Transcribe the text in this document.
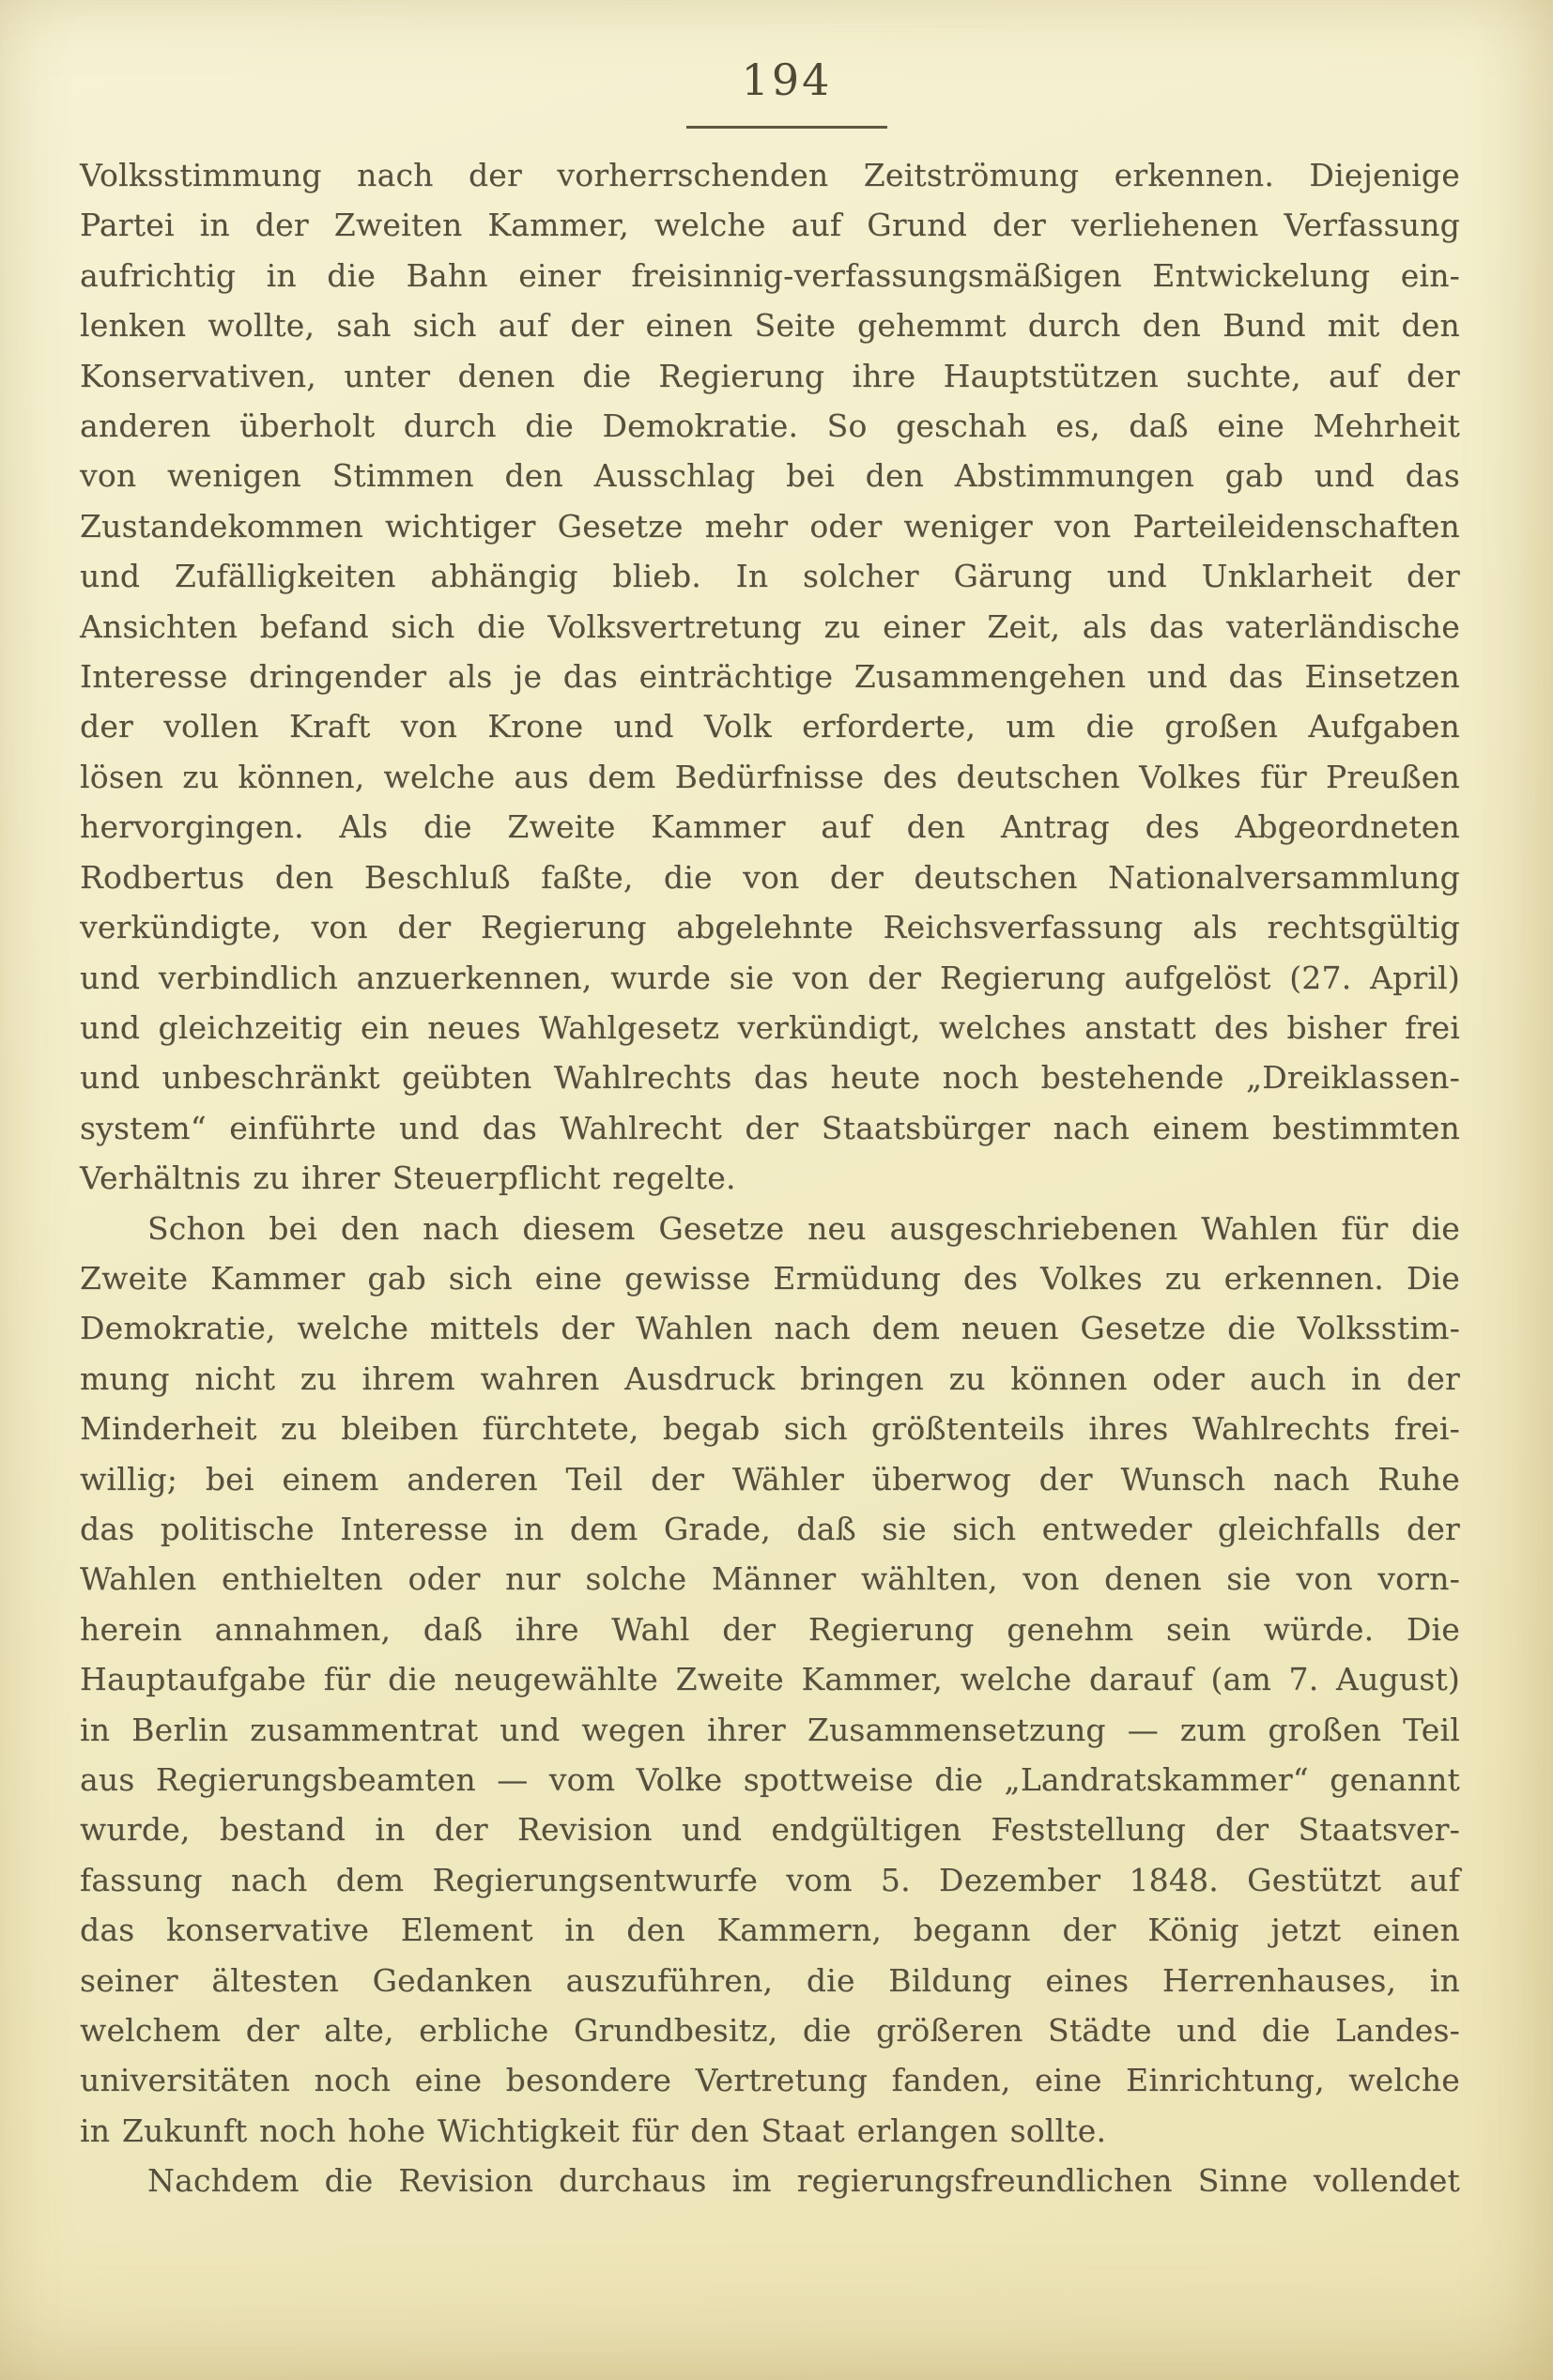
194
Volksstimmung nach der vorherrschenden Zeitströmung erkennen. Diejenige
Partei in der Zweiten Kammer, welche auf Grund der verliehenen Verfassung
aufrichtig in die Bahn einer freisinnig-verfassungsmäßigen Entwickelung ein-
lenken wollte, sah sich auf der einen Seite gehemmt durch den Bund mit den
Konservativen, unter denen die Regierung ihre Hauptstützen suchte, auf der
anderen überholt durch die Demokratie. So geschah es, daß eine Mehrheit
von wenigen Stimmen den Ausschlag bei den Abstimmungen gab und das
Zustandekommen wichtiger Gesetze mehr oder weniger von Parteileidenschaften
und Zufälligkeiten abhängig blieb. In solcher Gärung und Unklarheit der
Ansichten befand sich die Volksvertretung zu einer Zeit, als das vaterländische
Interesse dringender als je das einträchtige Zusammengehen und das Einsetzen
der vollen Kraft von Krone und Volk erforderte, um die großen Aufgaben
lösen zu können, welche aus dem Bedürfnisse des deutschen Volkes für Preußen
hervorgingen. Als die Zweite Kammer auf den Antrag des Abgeordneten
Rodbertus den Beschluß faßte, die von der deutschen Nationalversammlung
verkündigte, von der Regierung abgelehnte Reichsverfassung als rechtsgültig
und verbindlich anzuerkennen, wurde sie von der Regierung aufgelöst (27. April)
und gleichzeitig ein neues Wahlgesetz verkündigt, welches anstatt des bisher frei
und unbeschränkt geübten Wahlrechts das heute noch bestehende „Dreiklassen-
system“ einführte und das Wahlrecht der Staatsbürger nach einem bestimmten
Verhältnis zu ihrer Steuerpflicht regelte.
Schon bei den nach diesem Gesetze neu ausgeschriebenen Wahlen für die
Zweite Kammer gab sich eine gewisse Ermüdung des Volkes zu erkennen. Die
Demokratie, welche mittels der Wahlen nach dem neuen Gesetze die Volksstim-
mung nicht zu ihrem wahren Ausdruck bringen zu können oder auch in der
Minderheit zu bleiben fürchtete, begab sich größtenteils ihres Wahlrechts frei-
willig; bei einem anderen Teil der Wähler überwog der Wunsch nach Ruhe
das politische Interesse in dem Grade, daß sie sich entweder gleichfalls der
Wahlen enthielten oder nur solche Männer wählten, von denen sie von vorn-
herein annahmen, daß ihre Wahl der Regierung genehm sein würde. Die
Hauptaufgabe für die neugewählte Zweite Kammer, welche darauf (am 7. August)
in Berlin zusammentrat und wegen ihrer Zusammensetzung — zum großen Teil
aus Regierungsbeamten — vom Volke spottweise die „Landratskammer“ genannt
wurde, bestand in der Revision und endgültigen Feststellung der Staatsver-
fassung nach dem Regierungsentwurfe vom 5. Dezember 1848. Gestützt auf
das konservative Element in den Kammern, begann der König jetzt einen
seiner ältesten Gedanken auszuführen, die Bildung eines Herrenhauses, in
welchem der alte, erbliche Grundbesitz, die größeren Städte und die Landes-
universitäten noch eine besondere Vertretung fanden, eine Einrichtung, welche
in Zukunft noch hohe Wichtigkeit für den Staat erlangen sollte.
Nachdem die Revision durchaus im regierungsfreundlichen Sinne vollendet
